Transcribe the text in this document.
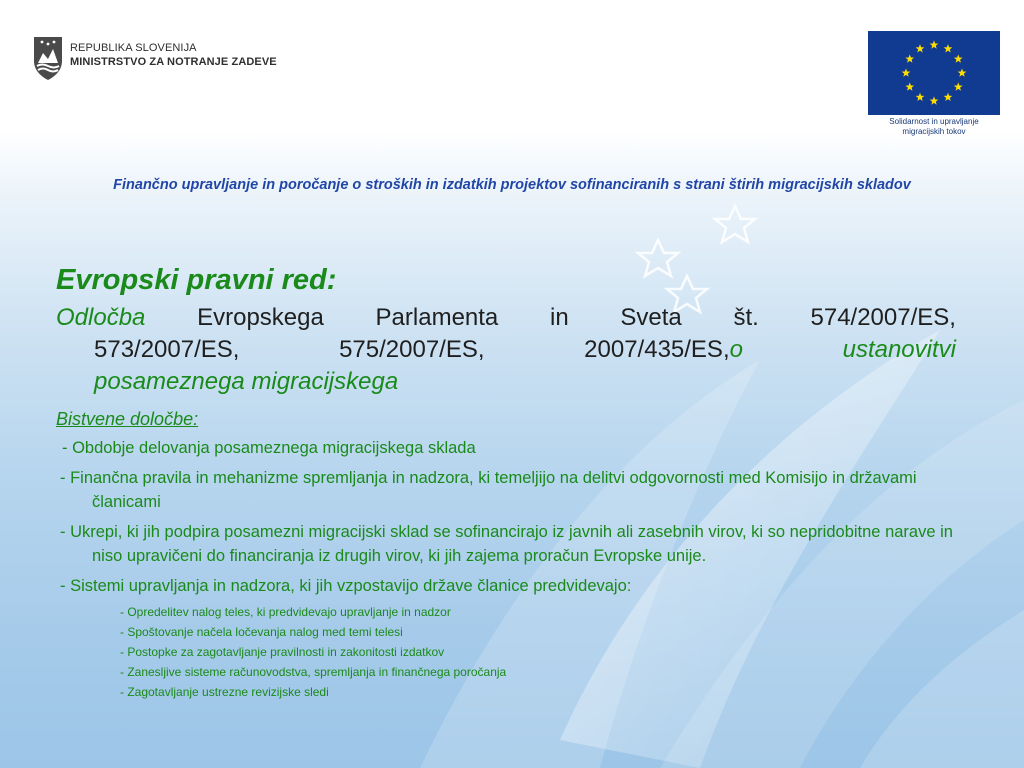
REPUBLIKA SLOVENIJA
MINISTRSTVO ZA NOTRANJE ZADEVE
Solidarnost in upravljanje
migracijskih tokov
Finančno upravljanje in poročanje o stroških in izdatkih projektov sofinanciranih s strani štirih migracijskih skladov
Evropski pravni red:
Odločba Evropskega Parlamenta in Sveta št. 574/2007/ES,
573/2007/ES,	575/2007/ES,	2007/435/ES,o	ustanovitvi
posameznega migracijskega
Bistvene določbe:
- Obdobje delovanja posameznega migracijskega sklada
- Finančna pravila in mehanizme spremljanja in nadzora, ki temeljijo na delitvi odgovornosti med Komisijo in državami članicami
- Ukrepi, ki jih podpira posamezni migracijski sklad se sofinancirajo iz javnih ali zasebnih virov, ki so nepridobitne narave in niso upravičeni do financiranja iz drugih virov, ki jih zajema proračun Evropske unije.
- Sistemi upravljanja in nadzora, ki jih vzpostavijo države članice predvidevajo:
- Opredelitev nalog teles, ki predvidevajo upravljanje in nadzor
- Spoštovanje načela ločevanja nalog med temi telesi
- Postopke za zagotavljanje pravilnosti in zakonitosti izdatkov
- Zanesljive sisteme računovodstva, spremljanja in finančnega poročanja
- Zagotavljanje ustrezne revizijske sledi
